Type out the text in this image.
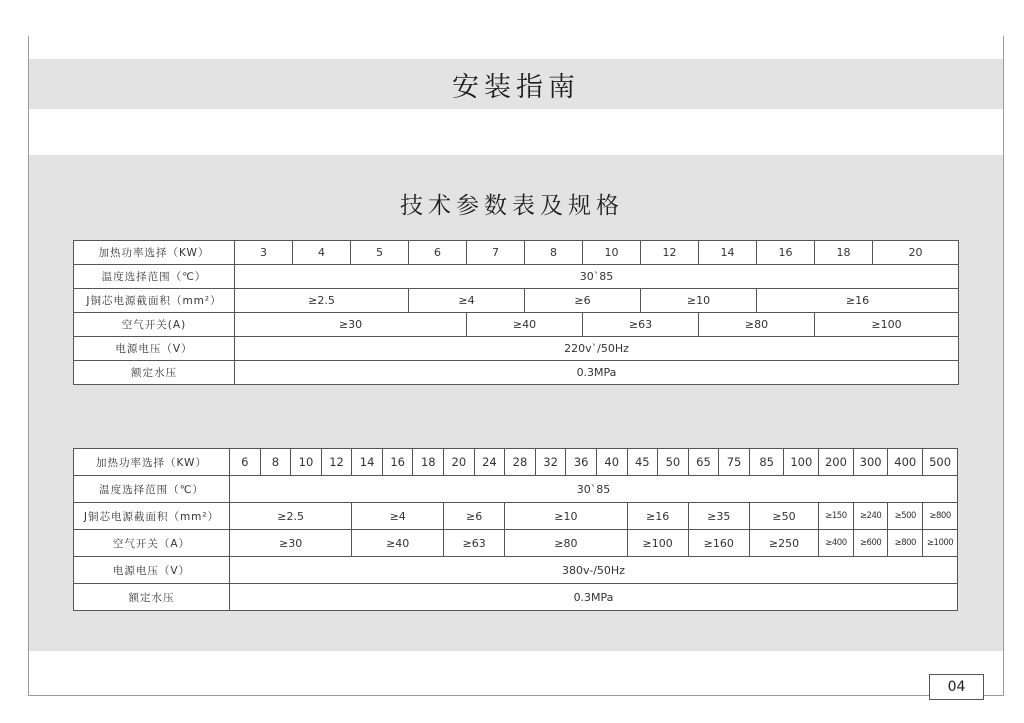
安装指南
技术参数表及规格
加热功率选择（KW）	3	4	5	6	7	8	10	12	14	16	18	20
温度选择范围（℃）	30`85											
J铜芯电源截面积（mm²）	≥2.5			≥4		≥6		≥10		≥16		
空气开关(A)	≥30				≥40		≥63		≥80		≥100	
电源电压（V）	220v`/50Hz											
额定水压	0.3MPa											
加热功率选择（KW）	6	8	10	12	14	16	18	20	24	28	32	36	40	45	50	65	75	85	100	200	300	400	500
温度选择范围（℃）	30`85																						
J铜芯电源截面积（mm²）	≥2.5				≥4			≥6		≥10				≥16		≥35		≥50		≥150	≥240	≥500	≥800
空气开关（A）	≥30				≥40			≥63		≥80				≥100		≥160		≥250		≥400	≥600	≥800	≥1000
电源电压（V）	380v-/50Hz																						
额定水压	0.3MPa																						
04
